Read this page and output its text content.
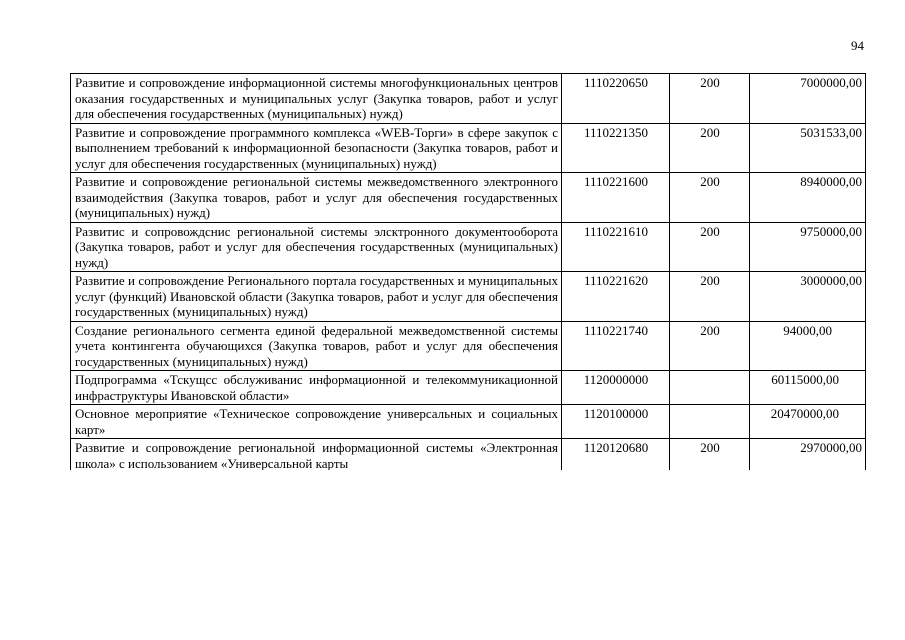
94
Развитие и сопровождение информационной системы многофункциональных центров оказания государственных и муниципальных услуг (Закупка товаров, работ и услуг для обеспечения государственных (муниципальных) нужд)	1110220650	200	7000000,00
Развитие и сопровождение программного комплекса «WEB-Торги» в сфере закупок с выполнением требований к информационной безопасности (Закупка товаров, работ и услуг для обеспечения государственных (муниципальных) нужд)	1110221350	200	5031533,00
Развитие и сопровождение региональной системы межведомственного электронного взаимодействия (Закупка товаров, работ и услуг для обеспечения государственных (муниципальных) нужд)	1110221600	200	8940000,00
Развитис и сопровождснис региональной системы элсктронного документооборота (Закупка товаров, работ и услуг для обеспечения государственных (муниципальных) нужд)	1110221610	200	9750000,00
Развитие и сопровождение Регионального портала государственных и муниципальных услуг (функций) Ивановской области (Закупка товаров, работ и услуг для обеспечения государственных (муниципальных) нужд)	1110221620	200	3000000,00
Создание регионального сегмента единой федеральной межведомственной системы учета контингента обучающихся (Закупка товаров, работ и услуг для обеспечения государственных (муниципальных) нужд)	1110221740	200	94000,00
Подпрограмма «Тскущсс обслуживанис информационной и телекоммуникационной инфраструктуры Ивановской области»	1120000000		60115000,00
Основное мероприятие «Техническое сопровождение универсальных и социальных карт»	1120100000		20470000,00

Развитие и сопровождение региональной информационной системы «Электронная школа» с использованием «Универсальной карты	1120120680	200	2970000,00
